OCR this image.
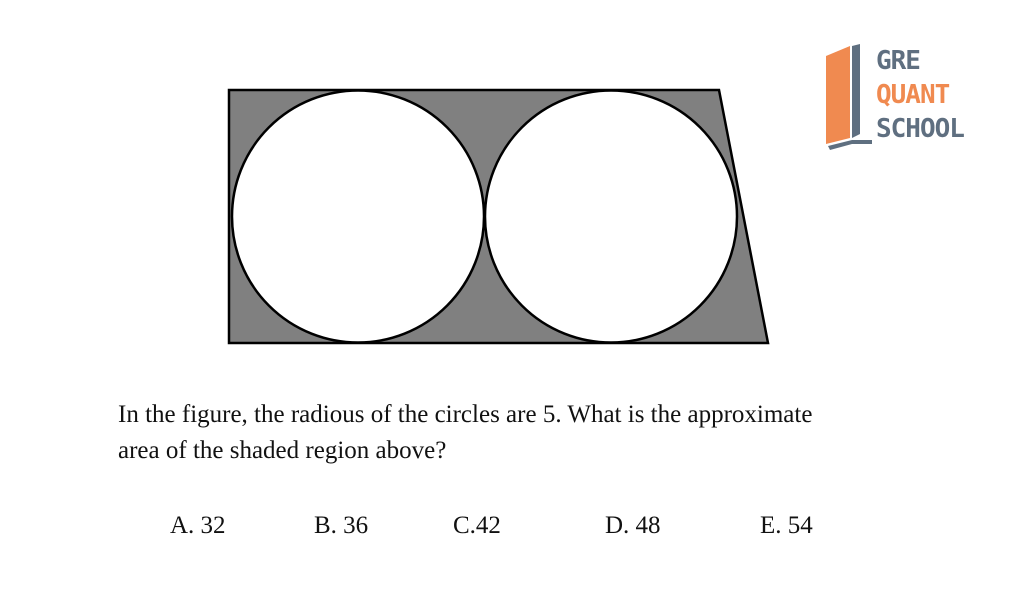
GRE
QUANT
SCHOOL
In the figure, the radious of the circles are 5. What is the approximate
area of the shaded region above?
A. 32	B. 36	C.42	D. 48	E. 54
